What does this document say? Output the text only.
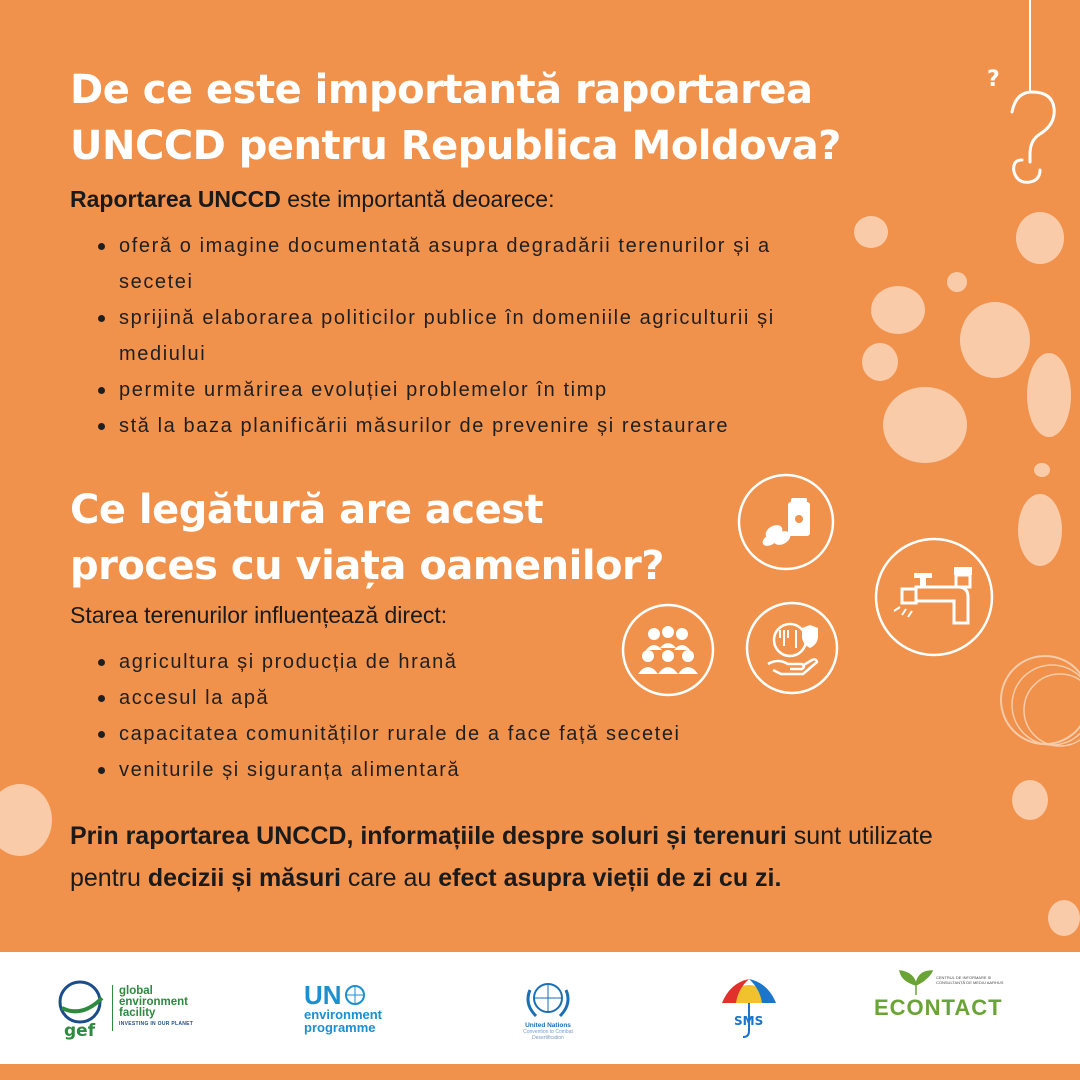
?
De ce este importantă raportarea
UNCCD pentru Republica Moldova?
Raportarea UNCCD este importantă deoarece:
oferă o imagine documentată asupra degradării terenurilor și a secetei
sprijină elaborarea politicilor publice în domeniile agriculturii și mediului
permite urmărirea evoluției problemelor în timp
stă la baza planificării măsurilor de prevenire și restaurare
Ce legătură are acest
proces cu viața oamenilor?
Starea terenurilor influențează direct:
agricultura și producția de hrană
accesul la apă
capacitatea comunităților rurale de a face față secetei
veniturile și siguranța alimentară
Prin raportarea UNCCD, informațiile despre soluri și terenuri sunt utilizate pentru decizii și măsuri care au efect asupra vieții de zi cu zi.
gef
global
environment
facility
INVESTING IN OUR PLANET
UN
environment
programme	United Nations
Convention to Combat
Desertification
SMS
ECONTACT
CENTRUL DE INFORMARE ȘI
CONSULTANȚĂ DE MEDIU AARHUS
